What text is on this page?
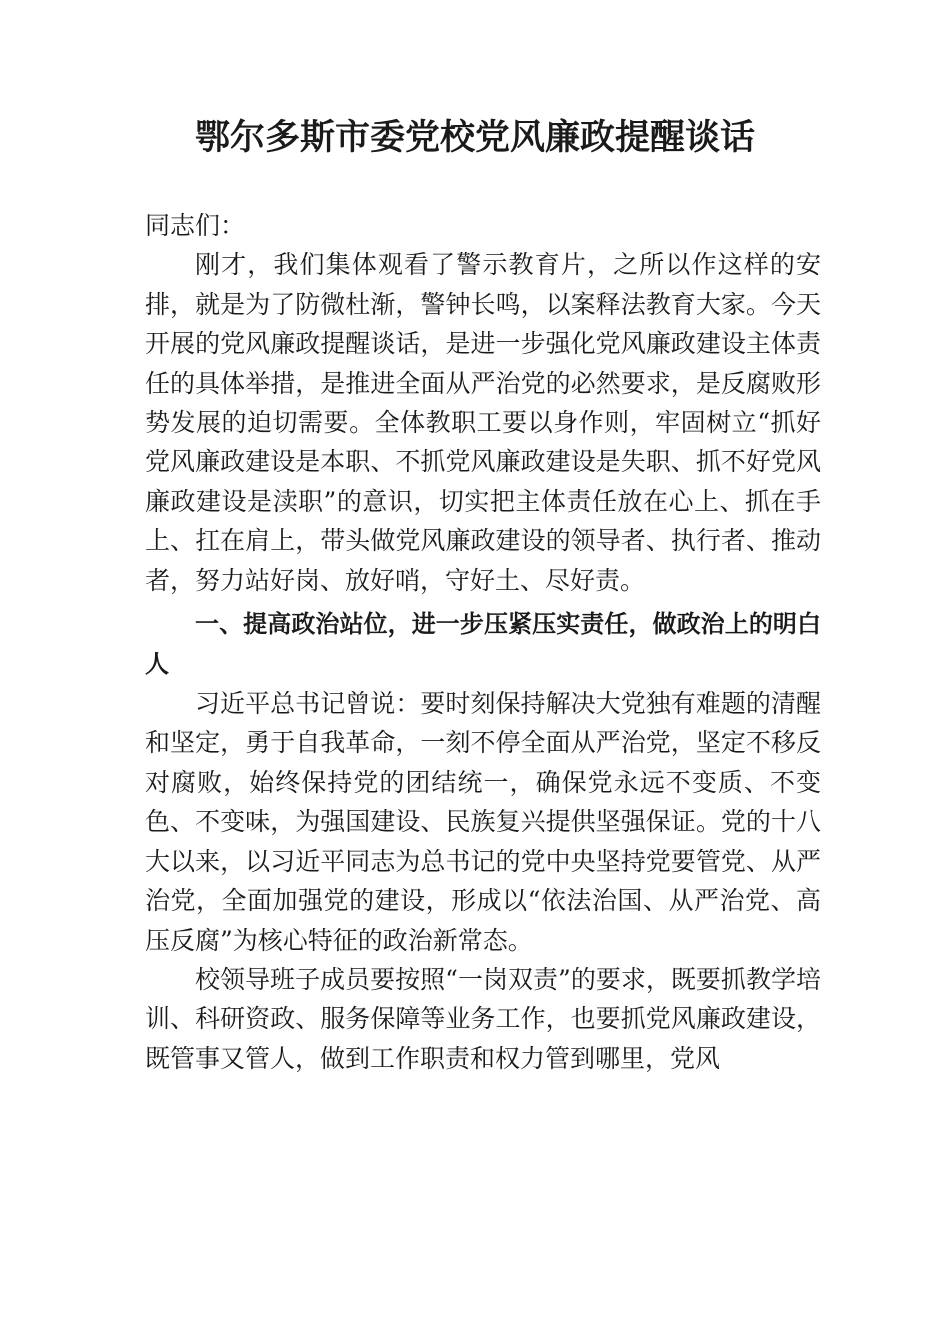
鄂尔多斯市委党校党风廉政提醒谈话

同志们：

刚才，我们集体观看了警示教育片，之所以作这样的安排，就是为了防微杜渐，警钟长鸣，以案释法教育大家。今天开展的党风廉政提醒谈话，是进一步强化党风廉政建设主体责任的具体举措，是推进全面从严治党的必然要求，是反腐败形势发展的迫切需要。全体教职工要以身作则，牢固树立“抓好党风廉政建设是本职、不抓党风廉政建设是失职、抓不好党风廉政建设是渎职”的意识，切实把主体责任放在心上、抓在手上、扛在肩上，带头做党风廉政建设的领导者、执行者、推动者，努力站好岗、放好哨，守好土、尽好责。

一、提高政治站位，进一步压紧压实责任，做政治上的明白人

习近平总书记曾说：要时刻保持解决大党独有难题的清醒和坚定，勇于自我革命，一刻不停全面从严治党，坚定不移反对腐败，始终保持党的团结统一，确保党永远不变质、不变色、不变味，为强国建设、民族复兴提供坚强保证。党的十八大以来，以习近平同志为总书记的党中央坚持党要管党、从严治党，全面加强党的建设，形成以“依法治国、从严治党、高压反腐”为核心特征的政治新常态。

校领导班子成员要按照“一岗双责”的要求，既要抓教学培训、科研资政、服务保障等业务工作，也要抓党风廉政建设，既管事又管人，做到工作职责和权力管到哪里，党风
